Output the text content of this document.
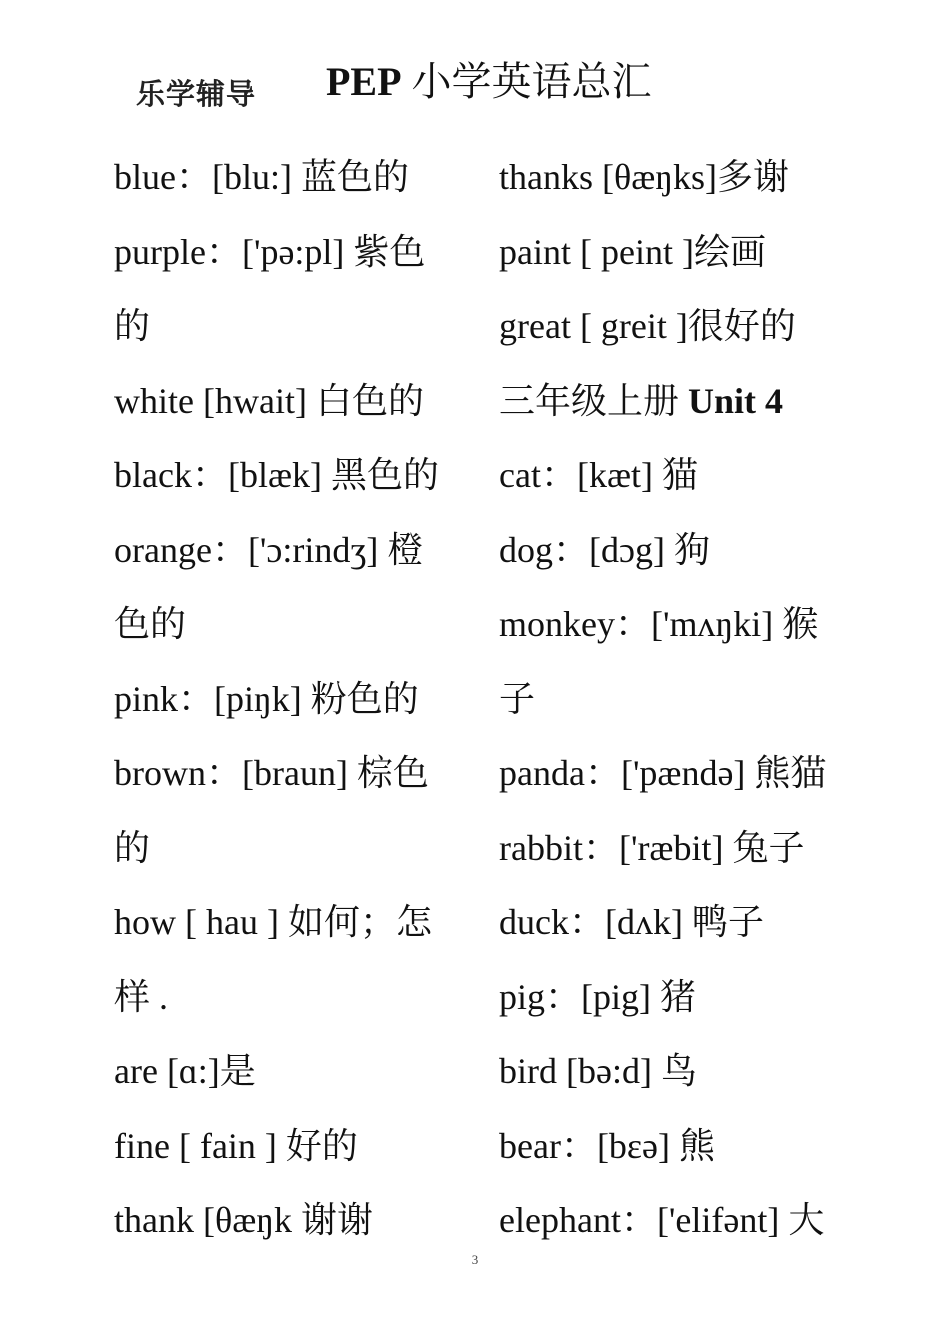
乐学辅导 PEP 小学英语总汇
blue：[blu:] 蓝色的
purple：['pə:pl] 紫色
的
white [hwait] 白色的
black：[blæk] 黑色的
orange：['ɔ:rindʒ] 橙
色的
pink：[piŋk] 粉色的
brown：[braun] 棕色
的
how [ hau ] 如何；怎
样 .
are [ɑ:]是
fine [ fain ] 好的
thank [θæŋk 谢谢
thanks [θæŋks]多谢
paint [ peint ]绘画
great [ greit ]很好的
三年级上册 Unit 4
cat：[kæt] 猫
dog：[dɔg] 狗
monkey：['mʌŋki] 猴
子
panda：['pændə] 熊猫
rabbit：['ræbit] 兔子
duck：[dʌk] 鸭子
pig：[pig] 猪
bird [bə:d] 鸟
bear：[bɛə] 熊
elephant：['elifənt] 大
3
